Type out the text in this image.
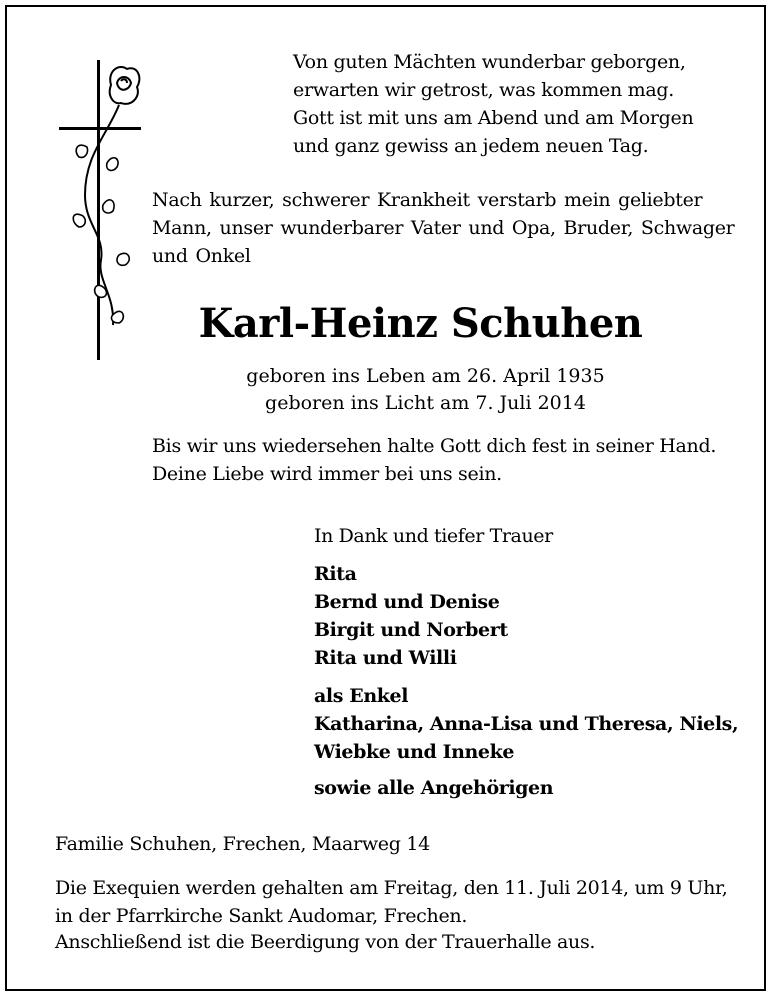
Von guten Mächten wunderbar geborgen,
erwarten wir getrost, was kommen mag.
Gott ist mit uns am Abend und am Morgen
und ganz gewiss an jedem neuen Tag.
Nach kurzer, schwerer Krankheit verstarb mein geliebter
Mann, unser wunderbarer Vater und Opa, Bruder, Schwager
und Onkel
Karl-Heinz Schuhen
geboren ins Leben am 26. April 1935
geboren ins Licht am 7. Juli 2014
Bis wir uns wiedersehen halte Gott dich fest in seiner Hand.
Deine Liebe wird immer bei uns sein.
In Dank und tiefer Trauer
Rita
Bernd und Denise
Birgit und Norbert
Rita und Willi
als Enkel
Katharina, Anna-Lisa und Theresa, Niels,
Wiebke und Inneke
sowie alle Angehörigen
Familie Schuhen, Frechen, Maarweg 14
Die Exequien werden gehalten am Freitag, den 11. Juli 2014, um 9 Uhr,
in der Pfarrkirche Sankt Audomar, Frechen.
Anschließend ist die Beerdigung von der Trauerhalle aus.
